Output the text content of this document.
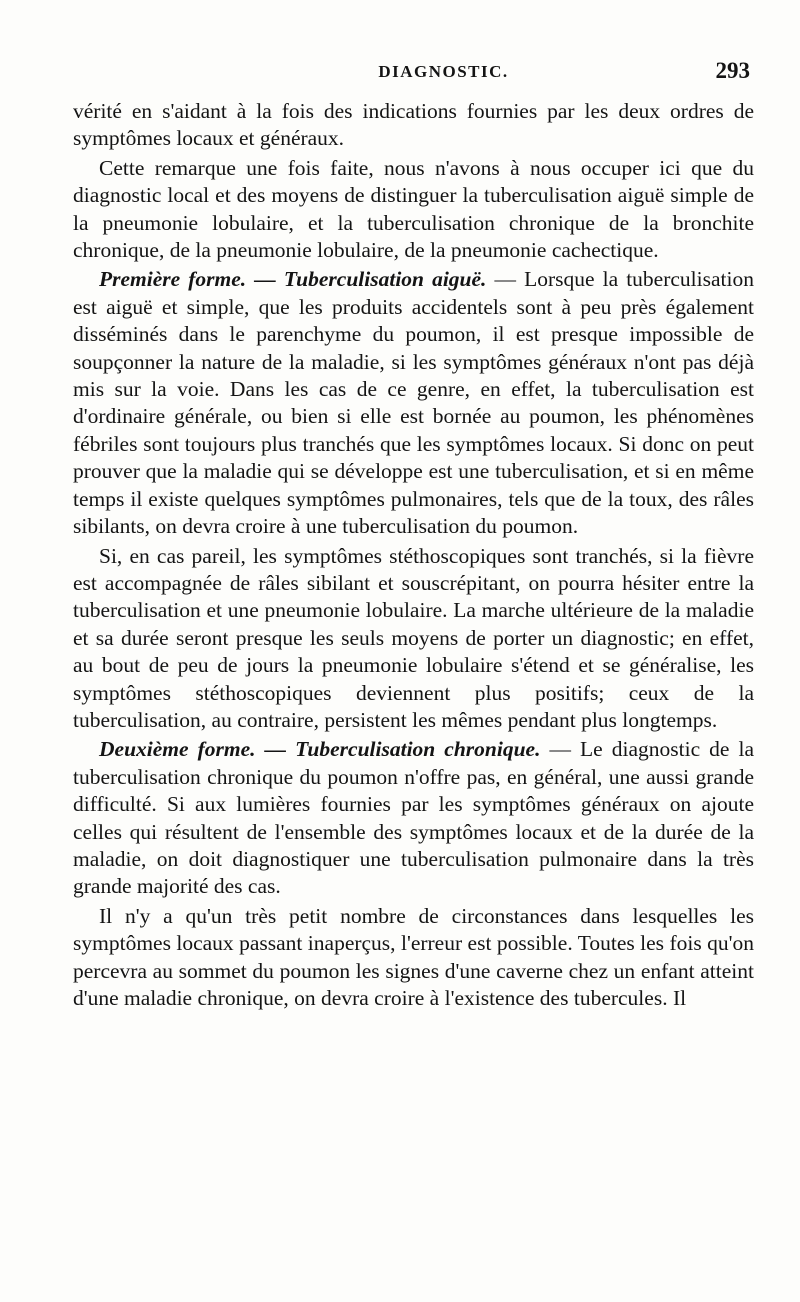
DIAGNOSTIC.	293

vérité en s'aidant à la fois des indications fournies par les deux ordres de symptômes locaux et généraux.

Cette remarque une fois faite, nous n'avons à nous occuper ici que du diagnostic local et des moyens de distinguer la tuberculisation aiguë simple de la pneumonie lobulaire, et la tuberculisation chronique de la bronchite chronique, de la pneumonie lobulaire, de la pneumonie cachectique.

Première forme. — Tuberculisation aiguë. — Lorsque la tuberculisation est aiguë et simple, que les produits accidentels sont à peu près également disséminés dans le parenchyme du poumon, il est presque impossible de soupçonner la nature de la maladie, si les symptômes généraux n'ont pas déjà mis sur la voie. Dans les cas de ce genre, en effet, la tuberculisation est d'ordinaire générale, ou bien si elle est bornée au poumon, les phénomènes fébriles sont toujours plus tranchés que les symptômes locaux. Si donc on peut prouver que la maladie qui se développe est une tuberculisation, et si en même temps il existe quelques symptômes pulmonaires, tels que de la toux, des râles sibilants, on devra croire à une tuberculisation du poumon.

Si, en cas pareil, les symptômes stéthoscopiques sont tranchés, si la fièvre est accompagnée de râles sibilant et souscrépitant, on pourra hésiter entre la tuberculisation et une pneumonie lobulaire. La marche ultérieure de la maladie et sa durée seront presque les seuls moyens de porter un diagnostic; en effet, au bout de peu de jours la pneumonie lobulaire s'étend et se généralise, les symptômes stéthoscopiques deviennent plus positifs; ceux de la tuberculisation, au contraire, persistent les mêmes pendant plus longtemps.

Deuxième forme. — Tuberculisation chronique. — Le diagnostic de la tuberculisation chronique du poumon n'offre pas, en général, une aussi grande difficulté. Si aux lumières fournies par les symptômes généraux on ajoute celles qui résultent de l'ensemble des symptômes locaux et de la durée de la maladie, on doit diagnostiquer une tuberculisation pulmonaire dans la très grande majorité des cas.

Il n'y a qu'un très petit nombre de circonstances dans lesquelles les symptômes locaux passant inaperçus, l'erreur est possible. Toutes les fois qu'on percevra au sommet du poumon les signes d'une caverne chez un enfant atteint d'une maladie chronique, on devra croire à l'existence des tubercules. Il
